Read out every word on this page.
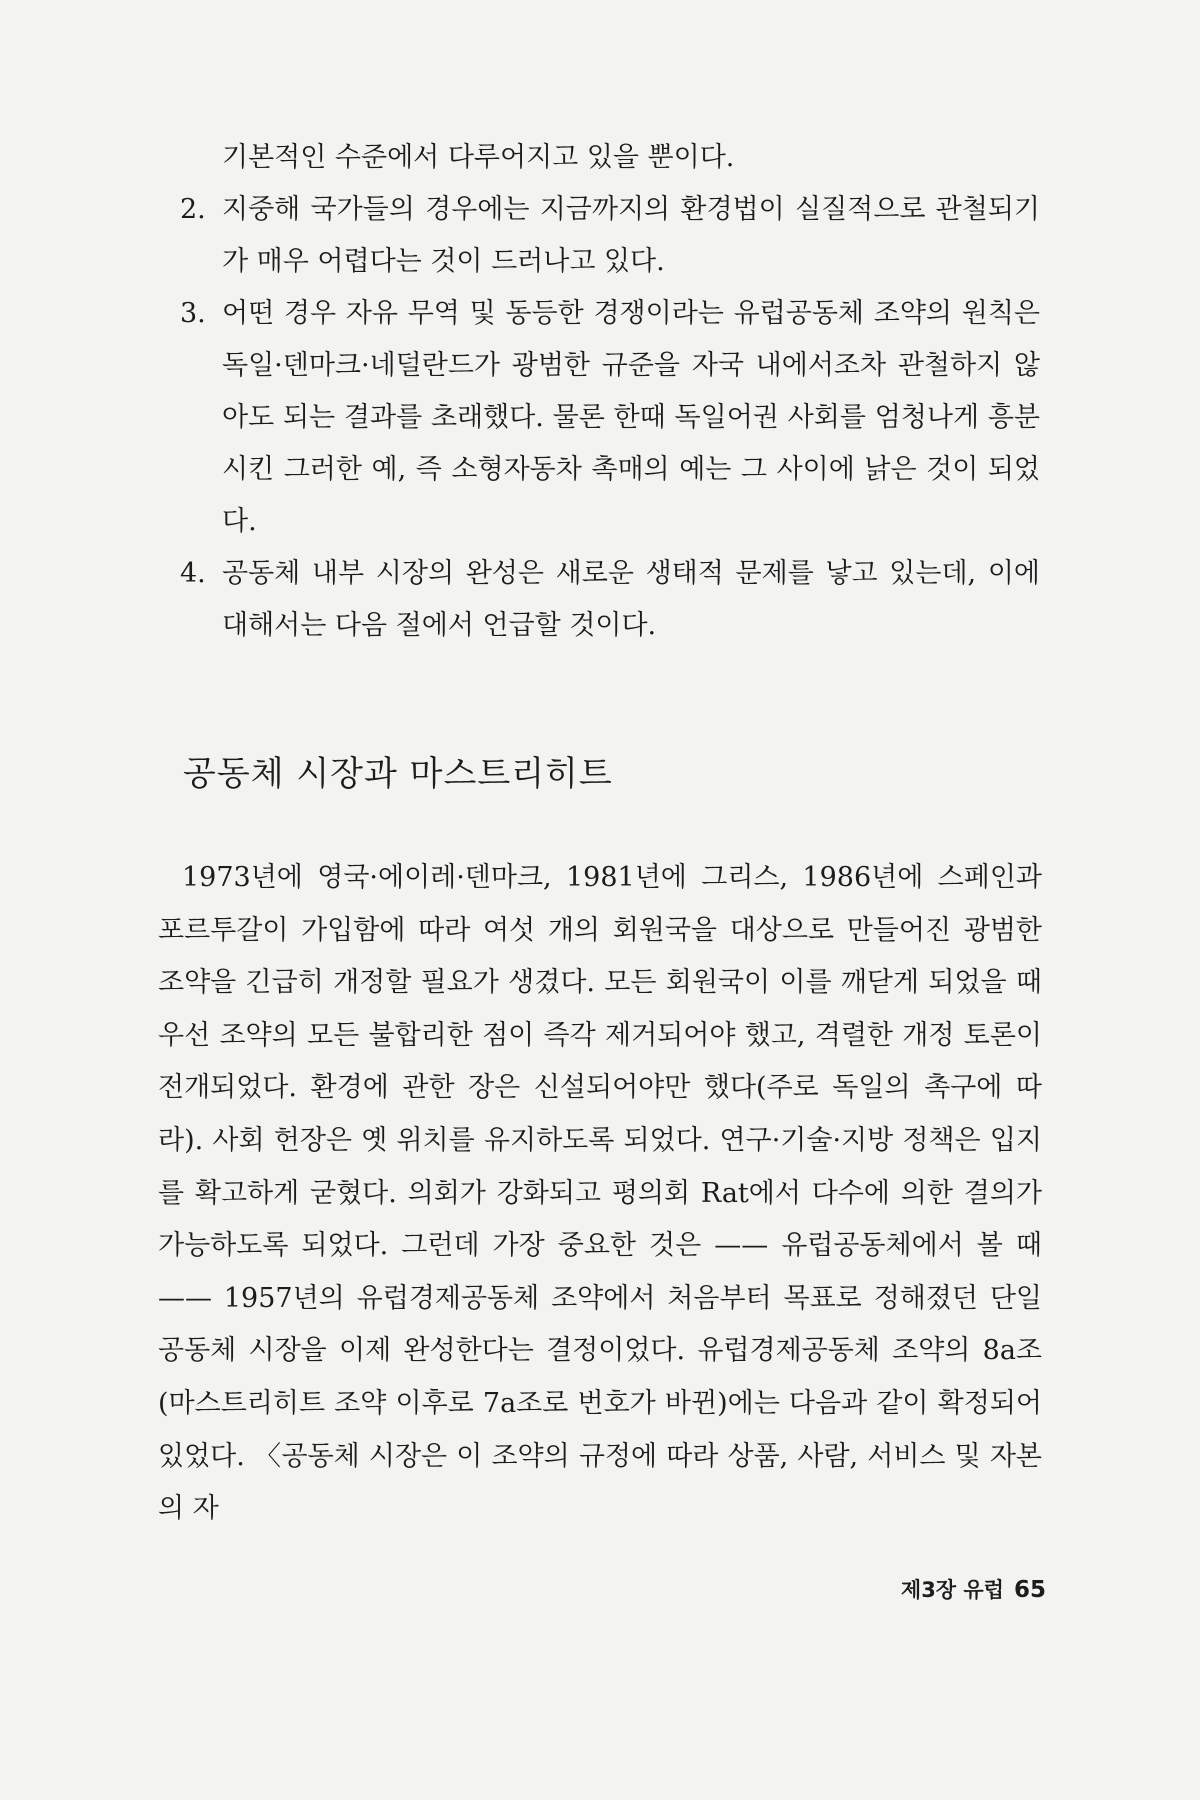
기본적인 수준에서 다루어지고 있을 뿐이다.
2. 지중해 국가들의 경우에는 지금까지의 환경법이 실질적으로 관철되기가 매우 어렵다는 것이 드러나고 있다.
3. 어떤 경우 자유 무역 및 동등한 경쟁이라는 유럽공동체 조약의 원칙은 독일·덴마크·네덜란드가 광범한 규준을 자국 내에서조차 관철하지 않아도 되는 결과를 초래했다. 물론 한때 독일어권 사회를 엄청나게 흥분시킨 그러한 예, 즉 소형자동차 촉매의 예는 그 사이에 낡은 것이 되었다.
4. 공동체 내부 시장의 완성은 새로운 생태적 문제를 낳고 있는데, 이에 대해서는 다음 절에서 언급할 것이다.
공동체 시장과 마스트리히트

1973년에 영국·에이레·덴마크, 1981년에 그리스, 1986년에 스페인과 포르투갈이 가입함에 따라 여섯 개의 회원국을 대상으로 만들어진 광범한 조약을 긴급히 개정할 필요가 생겼다. 모든 회원국이 이를 깨닫게 되었을 때 우선 조약의 모든 불합리한 점이 즉각 제거되어야 했고, 격렬한 개정 토론이 전개되었다. 환경에 관한 장은 신설되어야만 했다(주로 독일의 촉구에 따라). 사회 헌장은 옛 위치를 유지하도록 되었다. 연구·기술·지방 정책은 입지를 확고하게 굳혔다. 의회가 강화되고 평의회 Rat에서 다수에 의한 결의가 가능하도록 되었다. 그런데 가장 중요한 것은 —— 유럽공동체에서 볼 때 —— 1957년의 유럽경제공동체 조약에서 처음부터 목표로 정해졌던 단일 공동체 시장을 이제 완성한다는 결정이었다. 유럽경제공동체 조약의 8a조(마스트리히트 조약 이후로 7a조로 번호가 바뀐)에는 다음과 같이 확정되어 있었다. 〈공동체 시장은 이 조약의 규정에 따라 상품, 사람, 서비스 및 자본의 자

제3장 유럽 65
